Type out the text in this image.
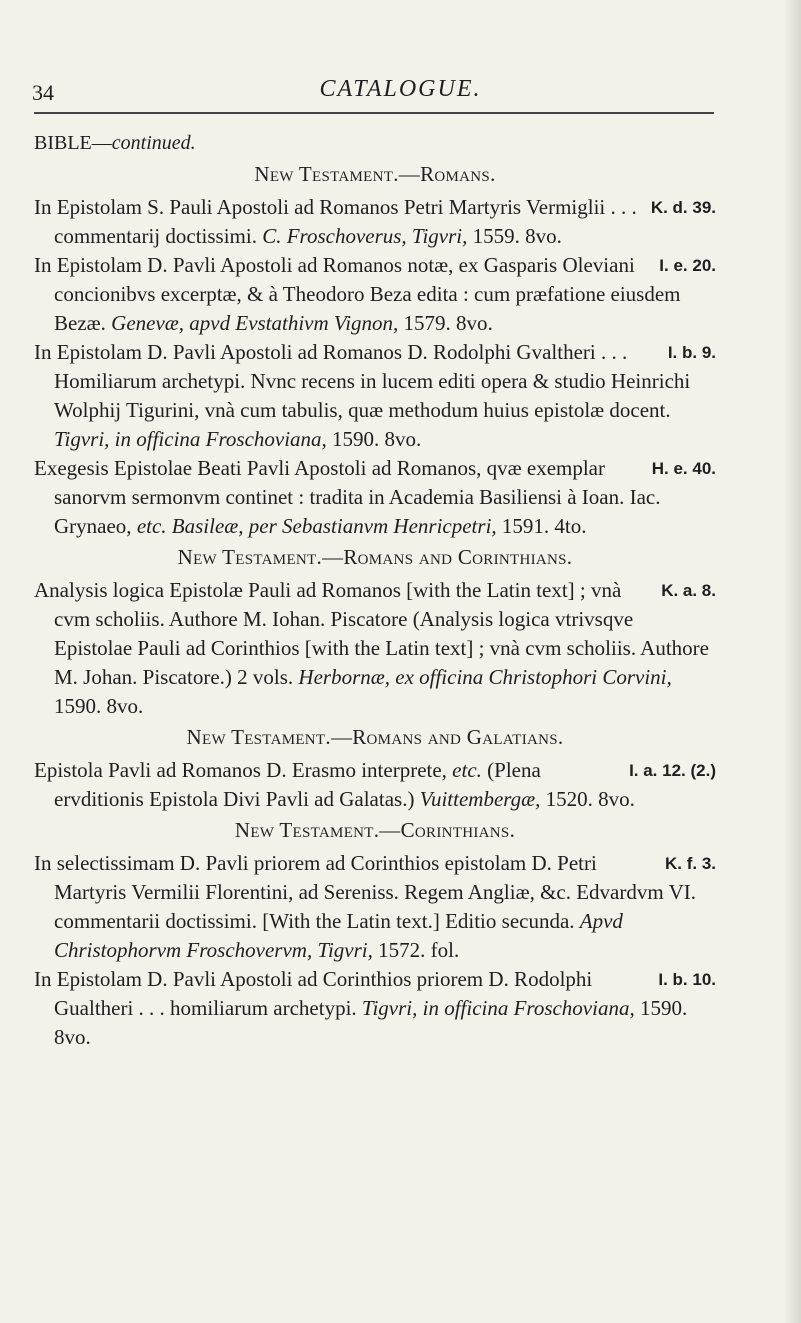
34	CATALOGUE.

BIBLE—continued.

New Testament.—Romans.

K. d. 39.
In Epistolam S. Pauli Apostoli ad Romanos Petri Martyris Vermiglii . . . commentarij doctissimi. C. Froschoverus, Tigvri, 1559. 8vo.

I. e. 20.
In Epistolam D. Pavli Apostoli ad Romanos notæ, ex Gasparis Oleviani concionibvs excerptæ, & à Theodoro Beza edita : cum præfatione eiusdem Bezæ. Genevæ, apvd Evstathivm Vignon, 1579. 8vo.

I. b. 9.
In Epistolam D. Pavli Apostoli ad Romanos D. Rodolphi Gvaltheri . . . Homiliarum archetypi. Nvnc recens in lucem editi opera & studio Heinrichi Wolphij Tigurini, vnà cum tabulis, quæ methodum huius epistolæ docent. Tigvri, in officina Froschoviana, 1590. 8vo.

H. e. 40.
Exegesis Epistolae Beati Pavli Apostoli ad Romanos, qvæ exemplar sanorvm sermonvm continet : tradita in Academia Basiliensi à Ioan. Iac. Grynaeo, etc. Basileæ, per Sebastianvm Henricpetri, 1591. 4to.

New Testament.—Romans and Corinthians.

K. a. 8.
Analysis logica Epistolæ Pauli ad Romanos [with the Latin text] ; vnà cvm scholiis. Authore M. Iohan. Piscatore (Analysis logica vtrivsqve Epistolae Pauli ad Corinthios [with the Latin text] ; vnà cvm scholiis. Authore M. Johan. Piscatore.) 2 vols. Herbornæ, ex officina Christophori Corvini, 1590. 8vo.

New Testament.—Romans and Galatians.

I. a. 12. (2.)
Epistola Pavli ad Romanos D. Erasmo interprete, etc. (Plena ervditionis Epistola Divi Pavli ad Galatas.) Vuittembergæ, 1520. 8vo.

New Testament.—Corinthians.

K. f. 3.
In selectissimam D. Pavli priorem ad Corinthios epistolam D. Petri Martyris Vermilii Florentini, ad Sereniss. Regem Angliæ, &c. Edvardvm VI. commentarii doctissimi. [With the Latin text.] Editio secunda. Apvd Christophorvm Froschovervm, Tigvri, 1572. fol.

I. b. 10.
In Epistolam D. Pavli Apostoli ad Corinthios priorem D. Rodolphi Gualtheri . . . homiliarum archetypi. Tigvri, in officina Froschoviana, 1590. 8vo.
